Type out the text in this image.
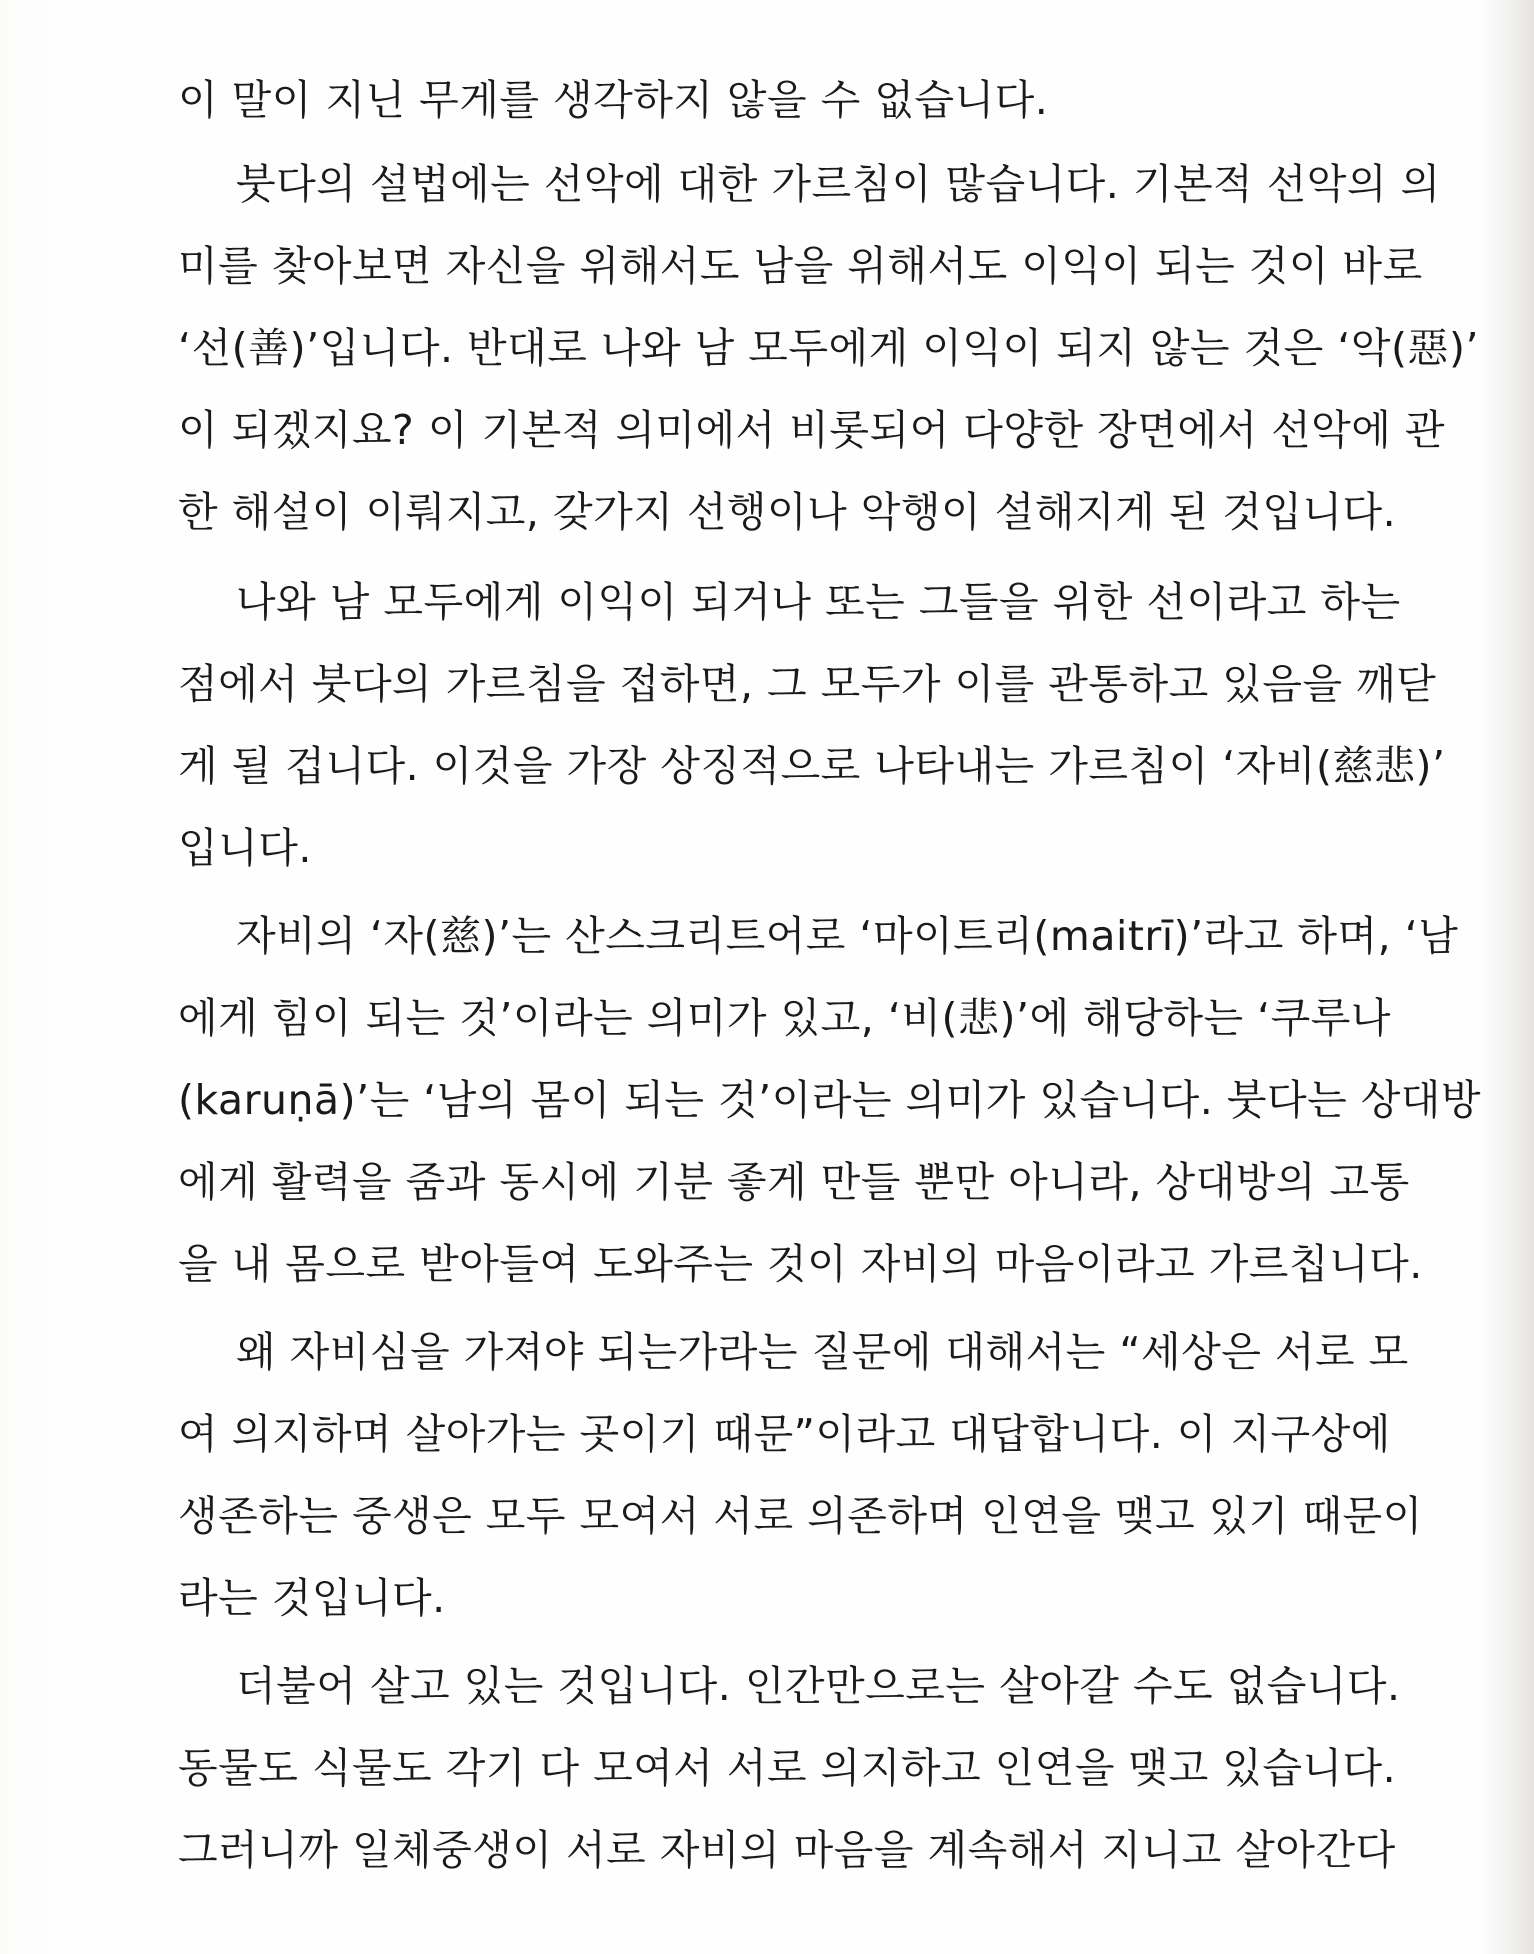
이 말이 지닌 무게를 생각하지 않을 수 없습니다.
붓다의 설법에는 선악에 대한 가르침이 많습니다. 기본적 선악의 의
미를 찾아보면 자신을 위해서도 남을 위해서도 이익이 되는 것이 바로
‘선(善)’입니다. 반대로 나와 남 모두에게 이익이 되지 않는 것은 ‘악(惡)’
이 되겠지요? 이 기본적 의미에서 비롯되어 다양한 장면에서 선악에 관
한 해설이 이뤄지고, 갖가지 선행이나 악행이 설해지게 된 것입니다.
나와 남 모두에게 이익이 되거나 또는 그들을 위한 선이라고 하는
점에서 붓다의 가르침을 접하면, 그 모두가 이를 관통하고 있음을 깨닫
게 될 겁니다. 이것을 가장 상징적으로 나타내는 가르침이 ‘자비(慈悲)’
입니다.
자비의 ‘자(慈)’는 산스크리트어로 ‘마이트리(maitrī)’라고 하며, ‘남
에게 힘이 되는 것’이라는 의미가 있고, ‘비(悲)’에 해당하는 ‘쿠루나
(karuṇā)’는 ‘남의 몸이 되는 것’이라는 의미가 있습니다. 붓다는 상대방
에게 활력을 줌과 동시에 기분 좋게 만들 뿐만 아니라, 상대방의 고통
을 내 몸으로 받아들여 도와주는 것이 자비의 마음이라고 가르칩니다.
왜 자비심을 가져야 되는가라는 질문에 대해서는 “세상은 서로 모
여 의지하며 살아가는 곳이기 때문”이라고 대답합니다. 이 지구상에
생존하는 중생은 모두 모여서 서로 의존하며 인연을 맺고 있기 때문이
라는 것입니다.
더불어 살고 있는 것입니다. 인간만으로는 살아갈 수도 없습니다.
동물도 식물도 각기 다 모여서 서로 의지하고 인연을 맺고 있습니다.
그러니까 일체중생이 서로 자비의 마음을 계속해서 지니고 살아간다
